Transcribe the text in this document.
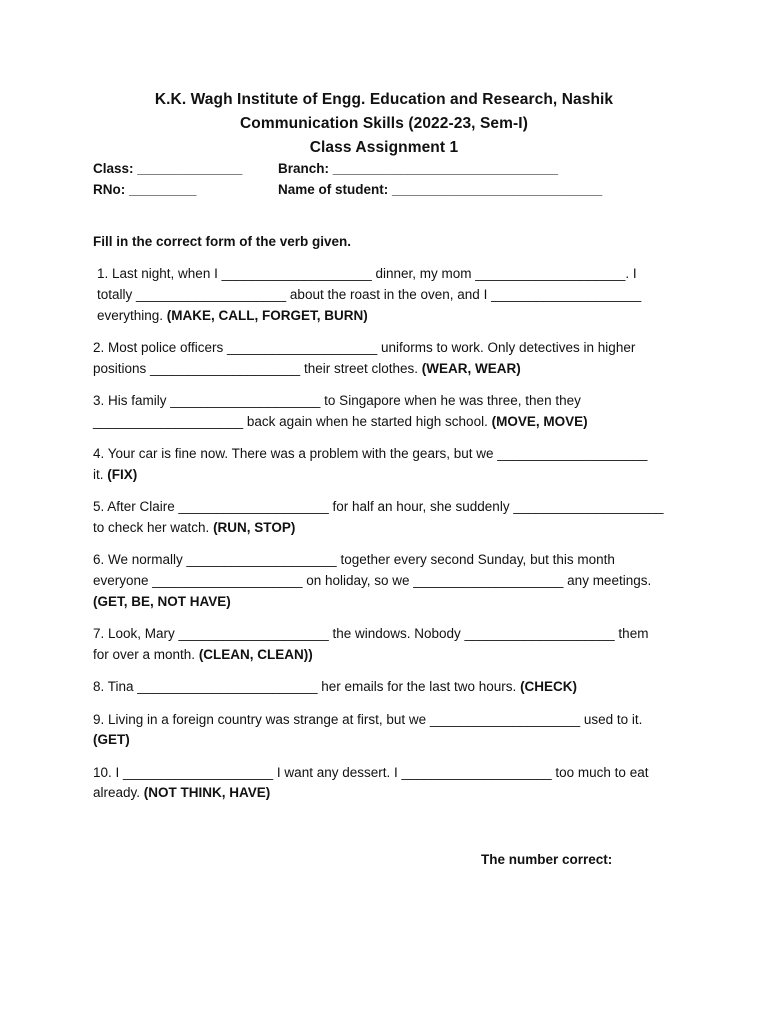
K.K. Wagh Institute of Engg. Education and Research, Nashik
Communication Skills (2022-23, Sem-I)
Class Assignment 1
Class: ______________	Branch: ______________________________
RNo: _________	Name of student: ____________________________
Fill in the correct form of the verb given.
1. Last night, when I ____________________ dinner, my mom ____________________. I
totally ____________________ about the roast in the oven, and I ____________________
everything. (MAKE, CALL, FORGET, BURN)
2. Most police officers ____________________ uniforms to work. Only detectives in higher
positions ____________________ their street clothes. (WEAR, WEAR)
3. His family ____________________ to Singapore when he was three, then they
____________________ back again when he started high school. (MOVE, MOVE)
4. Your car is fine now. There was a problem with the gears, but we ____________________
it. (FIX)
5. After Claire ____________________ for half an hour, she suddenly ____________________
to check her watch. (RUN, STOP)
6. We normally ____________________ together every second Sunday, but this month
everyone ____________________ on holiday, so we ____________________ any meetings.
(GET, BE, NOT HAVE)
7. Look, Mary ____________________ the windows. Nobody ____________________ them
for over a month. (CLEAN, CLEAN))
8. Tina ________________________ her emails for the last two hours. (CHECK)
9. Living in a foreign country was strange at first, but we ____________________ used to it.
(GET)
10. I ____________________ I want any dessert. I ____________________ too much to eat
already. (NOT THINK, HAVE)
The number correct:
